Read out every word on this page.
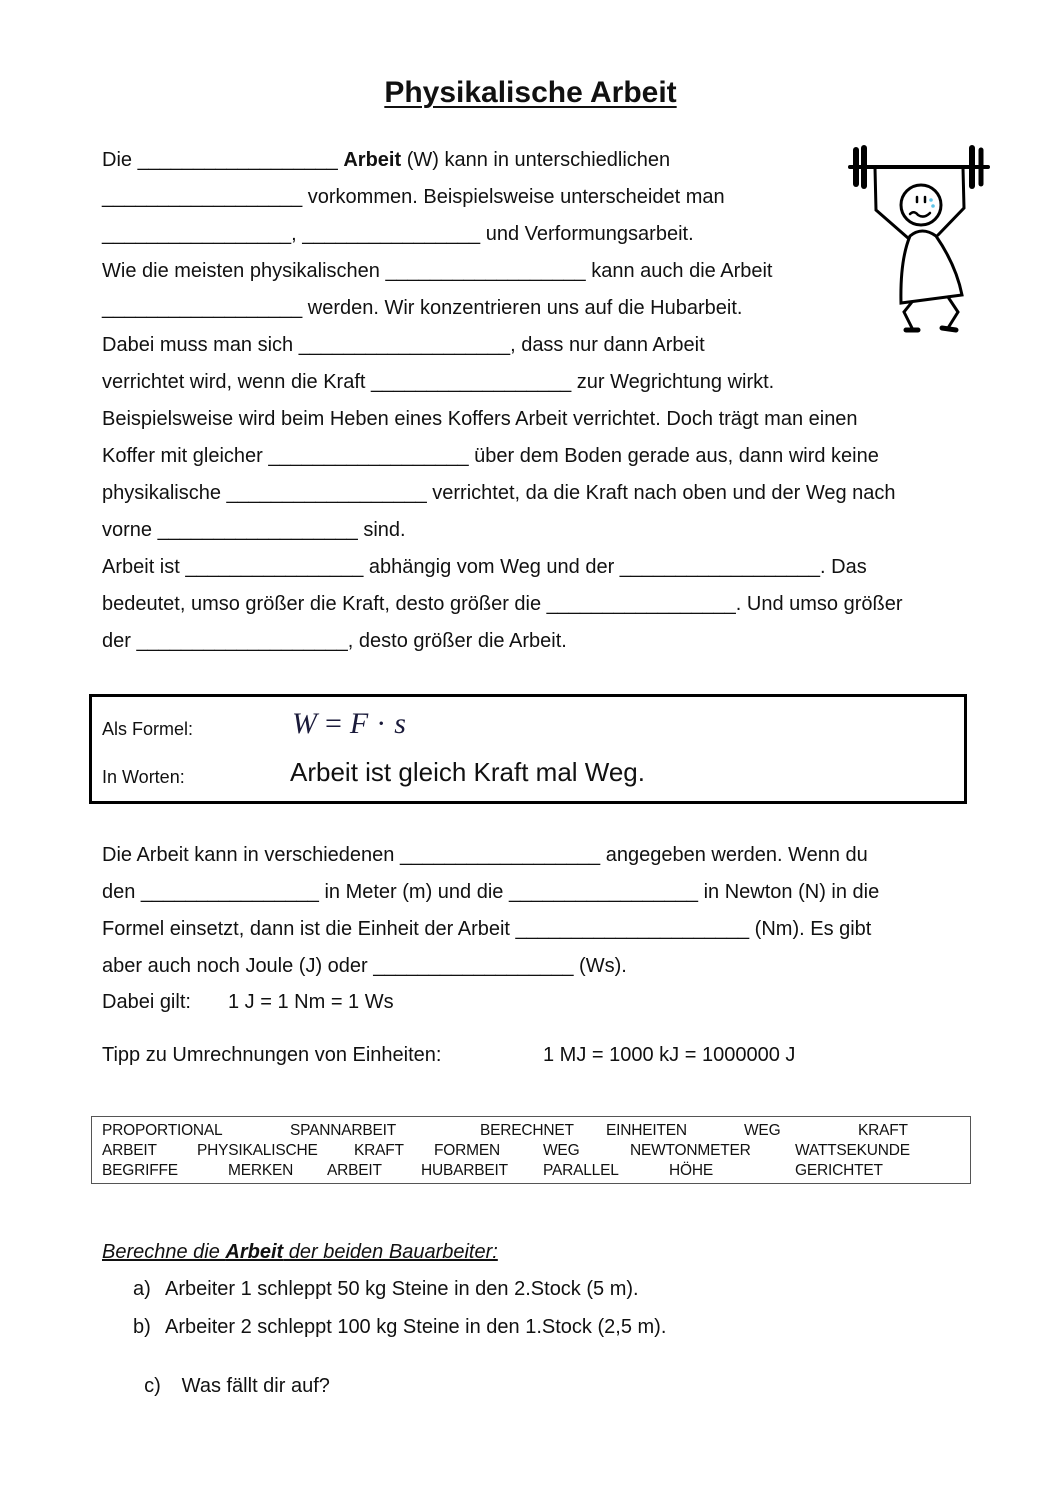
Physikalische Arbeit
Die __________________ Arbeit (W) kann in unterschiedlichen
__________________ vorkommen. Beispielsweise unterscheidet man
_________________, ________________ und Verformungsarbeit.
Wie die meisten physikalischen __________________ kann auch die Arbeit
__________________ werden. Wir konzentrieren uns auf die Hubarbeit.
Dabei muss man sich ___________________, dass nur dann Arbeit
verrichtet wird, wenn die Kraft __________________ zur Wegrichtung wirkt.
Beispielsweise wird beim Heben eines Koffers Arbeit verrichtet. Doch trägt man einen
Koffer mit gleicher __________________ über dem Boden gerade aus, dann wird keine
physikalische __________________ verrichtet, da die Kraft nach oben und der Weg nach
vorne __________________ sind.
Arbeit ist ________________ abhängig vom Weg und der __________________. Das
bedeutet, umso größer die Kraft, desto größer die _________________. Und umso größer
der ___________________, desto größer die Arbeit.
Als Formel:	W = F · s
In Worten:	Arbeit ist gleich Kraft mal Weg.
Die Arbeit kann in verschiedenen __________________ angegeben werden. Wenn du
den ________________ in Meter (m) und die _________________ in Newton (N) in die
Formel einsetzt, dann ist die Einheit der Arbeit _____________________ (Nm). Es gibt
aber auch noch Joule (J) oder __________________ (Ws).
Dabei gilt: 1 J = 1 Nm = 1 Ws
Tipp zu Umrechnungen von Einheiten:	1 MJ = 1000 kJ = 1000000 J
PROPORTIONAL	SPANNARBEIT	BERECHNET EINHEITEN	WEG	KRAFT
ARBEIT	PHYSIKALISCHE KRAFT FORMEN	WEG	NEWTONMETER	WATTSEKUNDE
BEGRIFFE	MERKEN ARBEIT	HUBARBEIT PARALLEL	HÖHE	GERICHTET
Berechne die Arbeit der beiden Bauarbeiter:
a) Arbeiter 1 schleppt 50 kg Steine in den 2.Stock (5 m).
b) Arbeiter 2 schleppt 100 kg Steine in den 1.Stock (2,5 m).

c) Was fällt dir auf?
